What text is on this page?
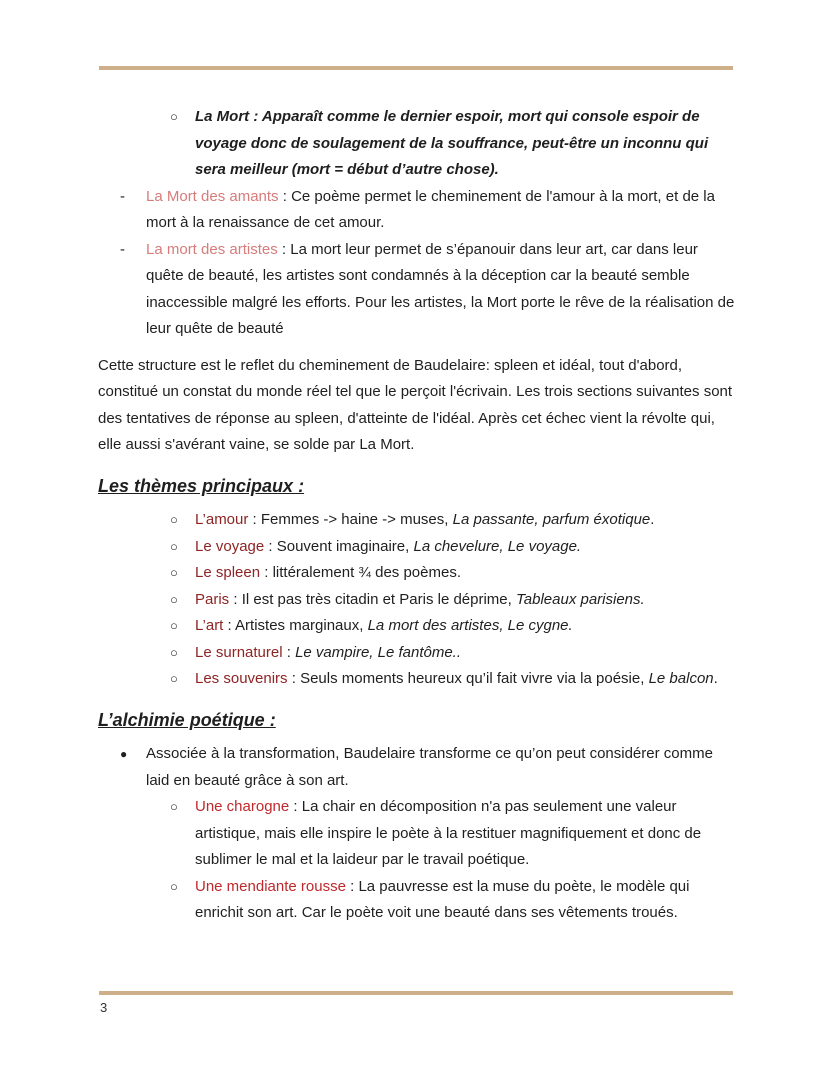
○ La Mort : Apparaît comme le dernier espoir, mort qui console espoir de voyage donc de soulagement de la souffrance, peut-être un inconnu qui sera meilleur (mort = début d’autre chose).
- La Mort des amants : Ce poème permet le cheminement de l'amour à la mort, et de la mort à la renaissance de cet amour.
- La mort des artistes : La mort leur permet de s’épanouir dans leur art, car dans leur quête de beauté, les artistes sont condamnés à la déception car la beauté semble inaccessible malgré les efforts. Pour les artistes, la Mort porte le rêve de la réalisation de leur quête de beauté
Cette structure est le reflet du cheminement de Baudelaire: spleen et idéal, tout d'abord, constitué un constat du monde réel tel que le perçoit l'écrivain. Les trois sections suivantes sont des tentatives de réponse au spleen, d'atteinte de l'idéal. Après cet échec vient la révolte qui, elle aussi s'avérant vaine, se solde par La Mort.
Les thèmes principaux :
○ L’amour : Femmes -> haine -> muses, La passante, parfum éxotique.
○ Le voyage : Souvent imaginaire, La chevelure, Le voyage.
○ Le spleen : littéralement ¾ des poèmes.
○ Paris : Il est pas très citadin et Paris le déprime, Tableaux parisiens.
○ L’art : Artistes marginaux, La mort des artistes, Le cygne.
○ Le surnaturel : Le vampire, Le fantôme..
○ Les souvenirs : Seuls moments heureux qu’il fait vivre via la poésie, Le balcon.
L’alchimie poétique :
● Associée à la transformation, Baudelaire transforme ce qu’on peut considérer comme laid en beauté grâce à son art.
○ Une charogne : La chair en décomposition n'a pas seulement une valeur artistique, mais elle inspire le poète à la restituer magnifiquement et donc de sublimer le mal et la laideur par le travail poétique.
○ Une mendiante rousse : La pauvresse est la muse du poète, le modèle qui enrichit son art. Car le poète voit une beauté dans ses vêtements troués.
3
